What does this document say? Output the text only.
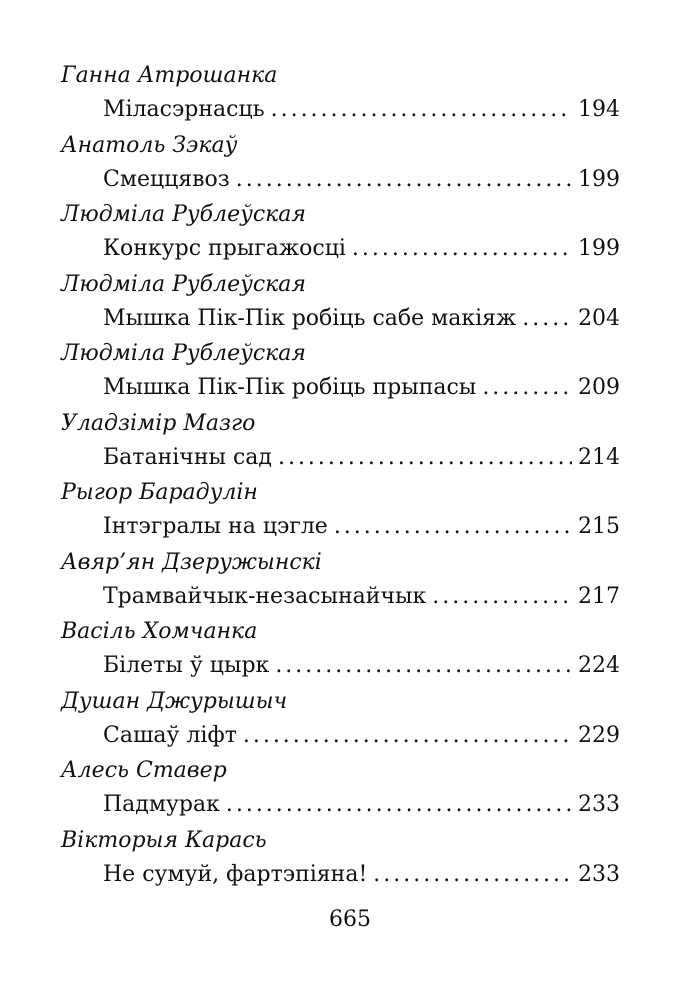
Ганна Атрошанка
Міласэрнасць . . .	194
Анатоль Зэкаў
Смеццявоз . . .	199
Людміла Рублеўская
Конкурс прыгажосці . . .	199
Людміла Рублеўская
Мышка Пік-Пік робіць сабе макіяж . . .	204
Людміла Рублеўская
Мышка Пік-Пік робіць прыпасы . . .	209
Уладзімір Мазго
Батанічны сад . . .	214
Рыгор Барадулін
Інтэгралы на цэгле . . .	215
Авяр’ян Дзеружынскі
Трамвайчык-незасынайчык . . .	217
Васіль Хомчанка
Білеты ў цырк . . .	224
Душан Джурышыч
Сашаў ліфт . . .	229
Алесь Ставер
Падмурак . . .	233
Вікторыя Карась
Не сумуй, фартэпіяна! . . .	233
665
